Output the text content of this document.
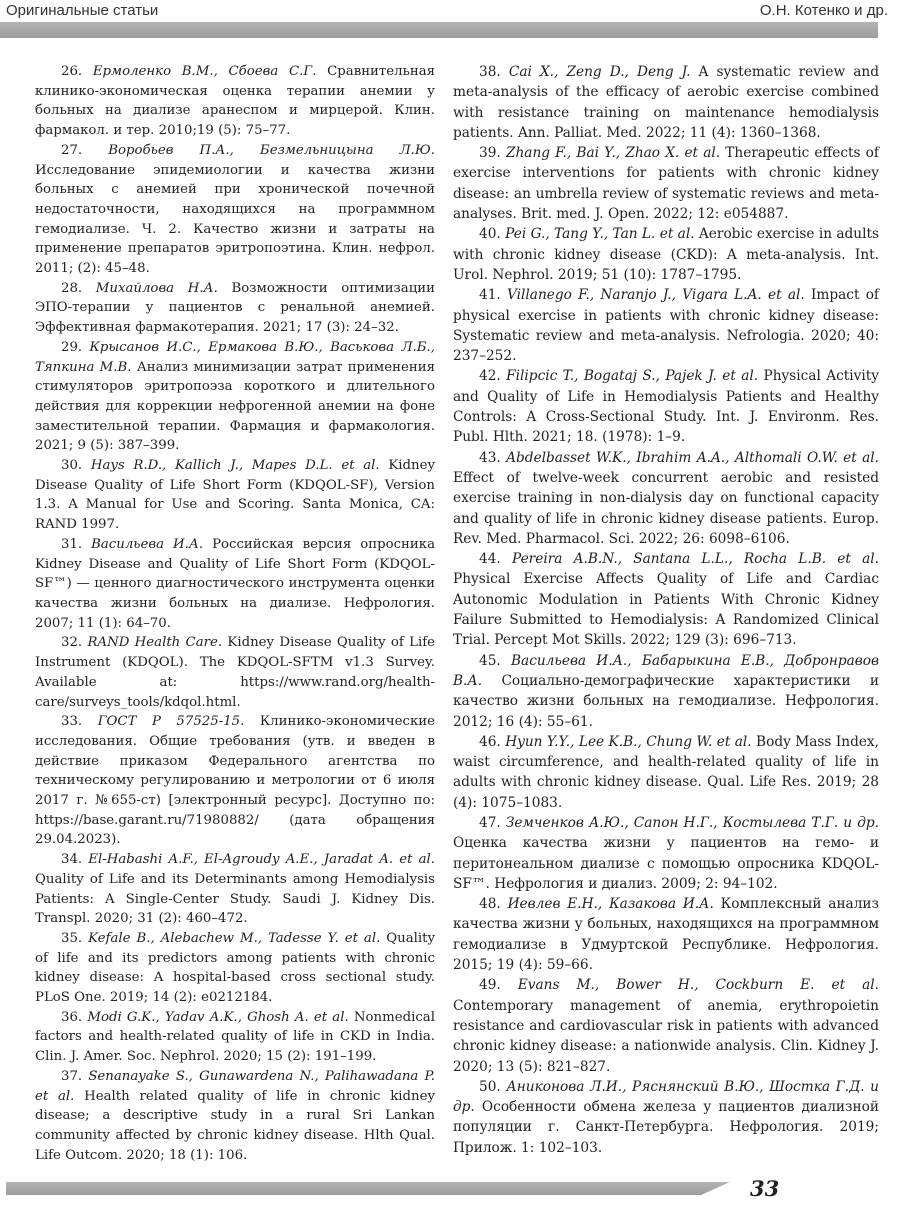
Оригинальные статьи	О.Н. Котенко и др.

26. Ермоленко В.М., Сбоева С.Г. Сравнительная клинико-экономическая оценка терапии анемии у больных на диализе аранеспом и мирцерой. Клин. фармакол. и тер. 2010;19 (5): 75–77.

27. Воробьев П.А., Безмельницына Л.Ю. Исследование эпидемиологии и качества жизни больных с анемией при хронической почечной недостаточности, находящихся на программном гемодиализе. Ч. 2. Качество жизни и затраты на применение препаратов эритропоэтина. Клин. нефрол. 2011; (2): 45–48.

28. Михайлова Н.А. Возможности оптимизации ЭПО-терапии у пациентов с ренальной анемией. Эффективная фармакотерапия. 2021; 17 (3): 24–32.

29. Крысанов И.С., Ермакова В.Ю., Васькова Л.Б., Тяпкина М.В. Анализ минимизации затрат применения стимуляторов эритропоэза короткого и длительного действия для коррекции нефрогенной анемии на фоне заместительной терапии. Фармация и фармакология. 2021; 9 (5): 387–399.

30. Hays R.D., Kallich J., Mapes D.L. et al. Kidney Disease Quality of Life Short Form (KDQOL-SF), Version 1.3. A Manual for Use and Scoring. Santa Monica, CA: RAND 1997.

31. Васильева И.А. Российская версия опросника Kidney Disease and Quality of Life Short Form (KDQOL-SF™) — ценного диагностического инструмента оценки качества жизни больных на диализе. Нефрология. 2007; 11 (1): 64–70.

32. RAND Health Care. Kidney Disease Quality of Life Instrument (KDQOL). The KDQOL-SFTM v1.3 Survey. Available at: https://www.rand.org/health-care/surveys_tools/kdqol.html.

33. ГОСТ Р 57525-15. Клинико-экономические исследования. Общие требования (утв. и введен в действие приказом Федерального агентства по техническому регулированию и метрологии от 6 июля 2017 г. №655-ст) [электронный ресурс]. Доступно по: https://base.garant.ru/71980882/ (дата обращения 29.04.2023).

34. El-Habashi A.F., El-Agroudy A.E., Jaradat A. et al. Quality of Life and its Determinants among Hemodialysis Patients: A Single-Center Study. Saudi J. Kidney Dis. Transpl. 2020; 31 (2): 460–472.

35. Kefale B., Alebachew M., Tadesse Y. et al. Quality of life and its predictors among patients with chronic kidney disease: A hospital-based cross sectional study. PLoS One. 2019; 14 (2): e0212184.

36. Modi G.K., Yadav A.K., Ghosh A. et al. Nonmedical factors and health-related quality of life in CKD in India. Clin. J. Amer. Soc. Nephrol. 2020; 15 (2): 191–199.

37. Senanayake S., Gunawardena N., Palihawadana P. et al. Health related quality of life in chronic kidney disease; a descriptive study in a rural Sri Lankan community affected by chronic kidney disease. Hlth Qual. Life Outcom. 2020; 18 (1): 106.

38. Cai X., Zeng D., Deng J. A systematic review and meta-analysis of the efficacy of aerobic exercise combined with resistance training on maintenance hemodialysis patients. Ann. Palliat. Med. 2022; 11 (4): 1360–1368.

39. Zhang F., Bai Y., Zhao X. et al. Therapeutic effects of exercise interventions for patients with chronic kidney disease: an umbrella review of systematic reviews and meta-analyses. Brit. med. J. Open. 2022; 12: e054887.

40. Pei G., Tang Y., Tan L. et al. Aerobic exercise in adults with chronic kidney disease (CKD): A meta-analysis. Int. Urol. Nephrol. 2019; 51 (10): 1787–1795.

41. Villanego F., Naranjo J., Vigara L.A. et al. Impact of physical exercise in patients with chronic kidney disease: Systematic review and meta-analysis. Nefrologia. 2020; 40: 237–252.

42. Filipcic T., Bogataj S., Pajek J. et al. Physical Activity and Quality of Life in Hemodialysis Patients and Healthy Controls: A Cross-Sectional Study. Int. J. Environm. Res. Publ. Hlth. 2021; 18. (1978): 1–9.

43. Abdelbasset W.K., Ibrahim A.A., Althomali O.W. et al. Effect of twelve-week concurrent aerobic and resisted exercise training in non-dialysis day on functional capacity and quality of life in chronic kidney disease patients. Europ. Rev. Med. Pharmacol. Sci. 2022; 26: 6098–6106.

44. Pereira A.B.N., Santana L.L., Rocha L.B. et al. Physical Exercise Affects Quality of Life and Cardiac Autonomic Modulation in Patients With Chronic Kidney Failure Submitted to Hemodialysis: A Randomized Clinical Trial. Percept Mot Skills. 2022; 129 (3): 696–713.

45. Васильева И.А., Бабарыкина Е.В., Добронравов В.А. Социально-демографические характеристики и качество жизни больных на гемодиализе. Нефрология. 2012; 16 (4): 55–61.

46. Hyun Y.Y., Lee K.B., Chung W. et al. Body Mass Index, waist circumference, and health-related quality of life in adults with chronic kidney disease. Qual. Life Res. 2019; 28 (4): 1075–1083.

47. Земченков А.Ю., Сапон Н.Г., Костылева Т.Г. и др. Оценка качества жизни у пациентов на гемо- и перитонеальном диализе с помощью опросника KDQOL-SF™. Нефрология и диализ. 2009; 2: 94–102.

48. Иевлев Е.Н., Казакова И.А. Комплексный анализ качества жизни у больных, находящихся на программном гемодиализе в Удмуртской Республике. Нефрология. 2015; 19 (4): 59–66.

49. Evans M., Bower H., Cockburn E. et al. Contemporary management of anemia, erythropoietin resistance and cardiovascular risk in patients with advanced chronic kidney disease: a nationwide analysis. Clin. Kidney J. 2020; 13 (5): 821–827.

50. Аниконова Л.И., Ряснянский В.Ю., Шостка Г.Д. и др. Особенности обмена железа у пациентов диализной популяции г. Санкт-Петербурга. Нефрология. 2019; Прилож. 1: 102–103.

33
